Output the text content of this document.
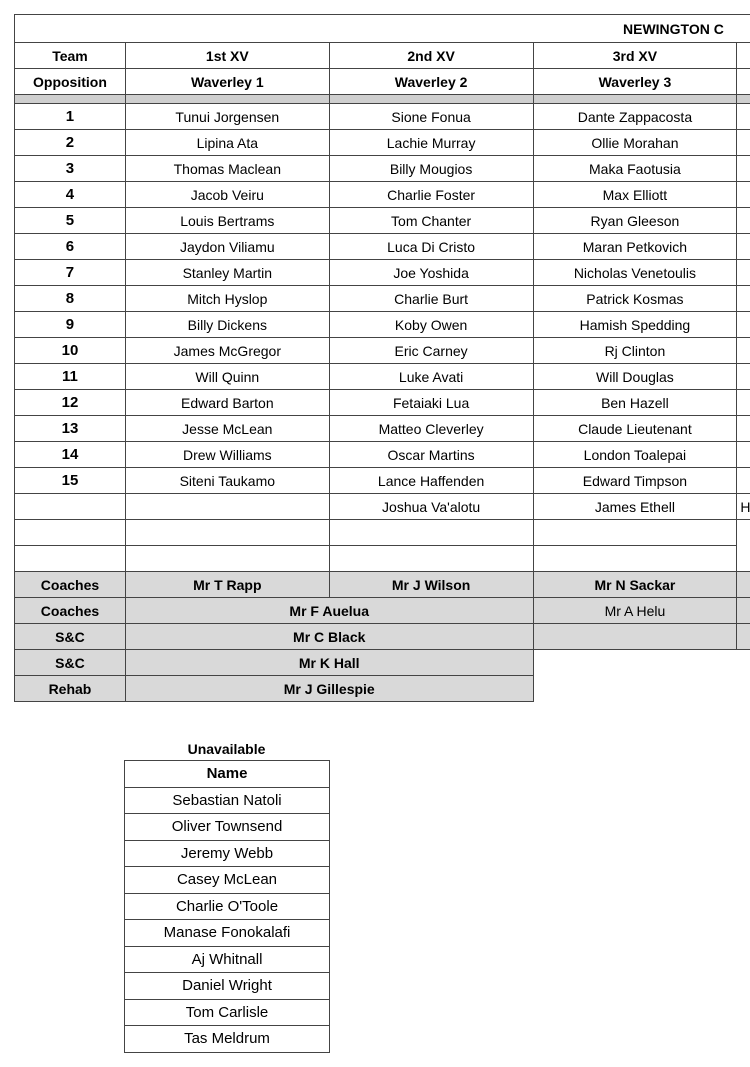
NEWINGTON C				
Team	1st XV	2nd XV	3rd XV	
Opposition	Waverley 1	Waverley 2	Waverley 3	

1	Tunui Jorgensen	Sione Fonua	Dante Zappacosta	
2	Lipina Ata	Lachie Murray	Ollie Morahan	
3	Thomas Maclean	Billy Mougios	Maka Faotusia	
4	Jacob Veiru	Charlie Foster	Max Elliott	
5	Louis Bertrams	Tom Chanter	Ryan Gleeson	
6	Jaydon Viliamu	Luca Di Cristo	Maran Petkovich	
7	Stanley Martin	Joe Yoshida	Nicholas Venetoulis	
8	Mitch Hyslop	Charlie Burt	Patrick Kosmas	
9	Billy Dickens	Koby Owen	Hamish Spedding	
10	James McGregor	Eric Carney	Rj Clinton	
11	Will Quinn	Luke Avati	Will Douglas	
12	Edward Barton	Fetaiaki Lua	Ben Hazell	
13	Jesse McLean	Matteo Cleverley	Claude Lieutenant	
14	Drew Williams	Oscar Martins	London Toalepai	
15	Siteni Taukamo	Lance Haffenden	Edward Timpson	
		Joshua Va'alotu	James Ethell	H

Coaches	Mr T Rapp	Mr J Wilson	Mr N Sackar	
Coaches	Mr F Auelua		Mr A Helu	
S&C	Mr C Black			
S&C	Mr K Hall			
Rehab	Mr J Gillespie			
Unavailable
Name
Sebastian Natoli
Oliver Townsend
Jeremy Webb
Casey McLean
Charlie O'Toole
Manase Fonokalafi
Aj Whitnall
Daniel Wright
Tom Carlisle
Tas Meldrum
